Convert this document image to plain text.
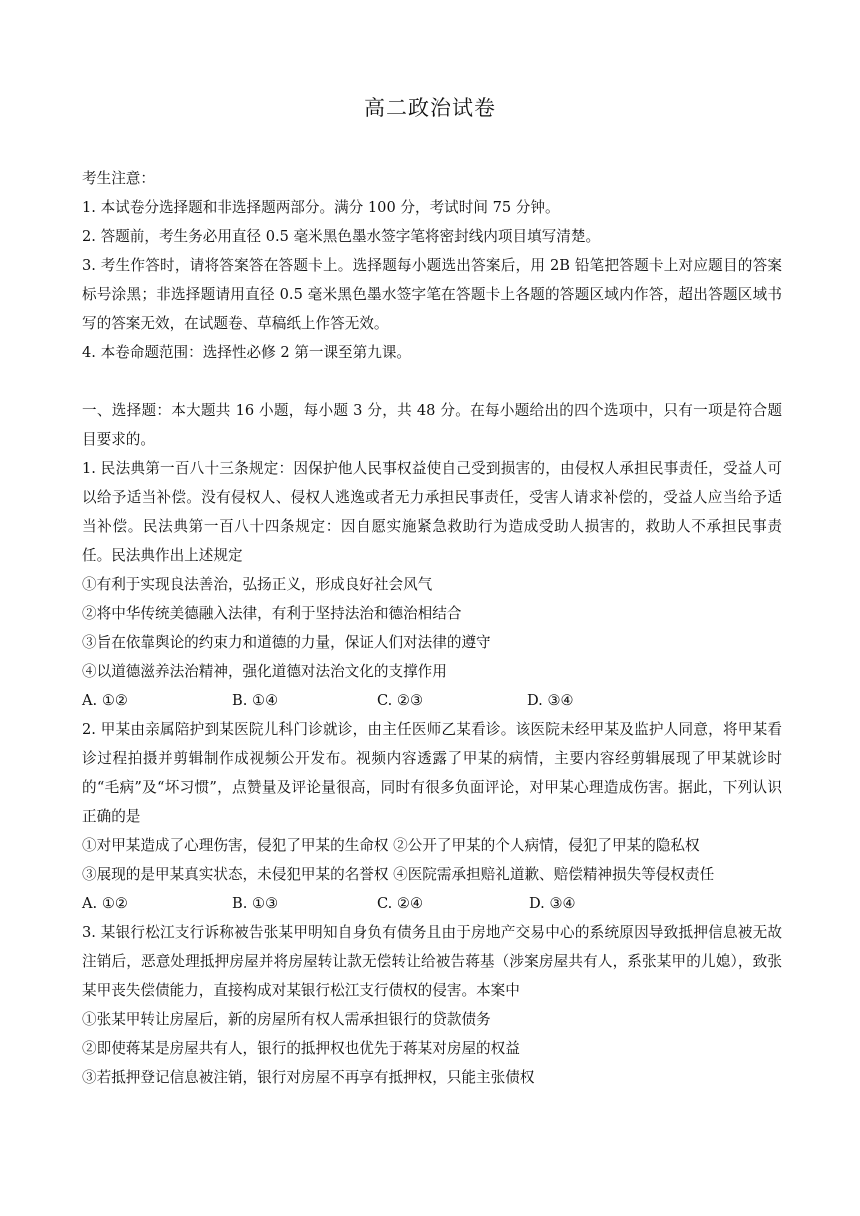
高二政治试卷
考生注意：
1. 本试卷分选择题和非选择题两部分。满分 100 分，考试时间 75 分钟。
2. 答题前，考生务必用直径 0.5 毫米黑色墨水签字笔将密封线内项目填写清楚。
3. 考生作答时，请将答案答在答题卡上。选择题每小题选出答案后，用 2B 铅笔把答题卡上对应题目的答案标号涂黑；非选择题请用直径 0.5 毫米黑色墨水签字笔在答题卡上各题的答题区域内作答，超出答题区域书写的答案无效，在试题卷、草稿纸上作答无效。
4. 本卷命题范围：选择性必修 2 第一课至第九课。
一、选择题：本大题共 16 小题，每小题 3 分，共 48 分。在每小题给出的四个选项中，只有一项是符合题目要求的。
1. 民法典第一百八十三条规定：因保护他人民事权益使自己受到损害的，由侵权人承担民事责任，受益人可以给予适当补偿。没有侵权人、侵权人逃逸或者无力承担民事责任，受害人请求补偿的，受益人应当给予适当补偿。民法典第一百八十四条规定：因自愿实施紧急救助行为造成受助人损害的，救助人不承担民事责任。民法典作出上述规定
①有利于实现良法善治，弘扬正义，形成良好社会风气
②将中华传统美德融入法律，有利于坚持法治和德治相结合
③旨在依靠舆论的约束力和道德的力量，保证人们对法律的遵守
④以道德滋养法治精神，强化道德对法治文化的支撑作用
A. ①②	B. ①④	C. ②③	D. ③④
2. 甲某由亲属陪护到某医院儿科门诊就诊，由主任医师乙某看诊。该医院未经甲某及监护人同意，将甲某看诊过程拍摄并剪辑制作成视频公开发布。视频内容透露了甲某的病情，主要内容经剪辑展现了甲某就诊时的“毛病”及“坏习惯”，点赞量及评论量很高，同时有很多负面评论，对甲某心理造成伤害。据此，下列认识正确的是
①对甲某造成了心理伤害，侵犯了甲某的生命权 ②公开了甲某的个人病情，侵犯了甲某的隐私权
③展现的是甲某真实状态，未侵犯甲某的名誉权 ④医院需承担赔礼道歉、赔偿精神损失等侵权责任
A. ①②	B. ①③	C. ②④	D. ③④
3. 某银行松江支行诉称被告张某甲明知自身负有债务且由于房地产交易中心的系统原因导致抵押信息被无故注销后，恶意处理抵押房屋并将房屋转让款无偿转让给被告蒋基（涉案房屋共有人，系张某甲的儿媳），致张某甲丧失偿债能力，直接构成对某银行松江支行债权的侵害。本案中
①张某甲转让房屋后，新的房屋所有权人需承担银行的贷款债务
②即使蒋某是房屋共有人，银行的抵押权也优先于蒋某对房屋的权益
③若抵押登记信息被注销，银行对房屋不再享有抵押权，只能主张债权
